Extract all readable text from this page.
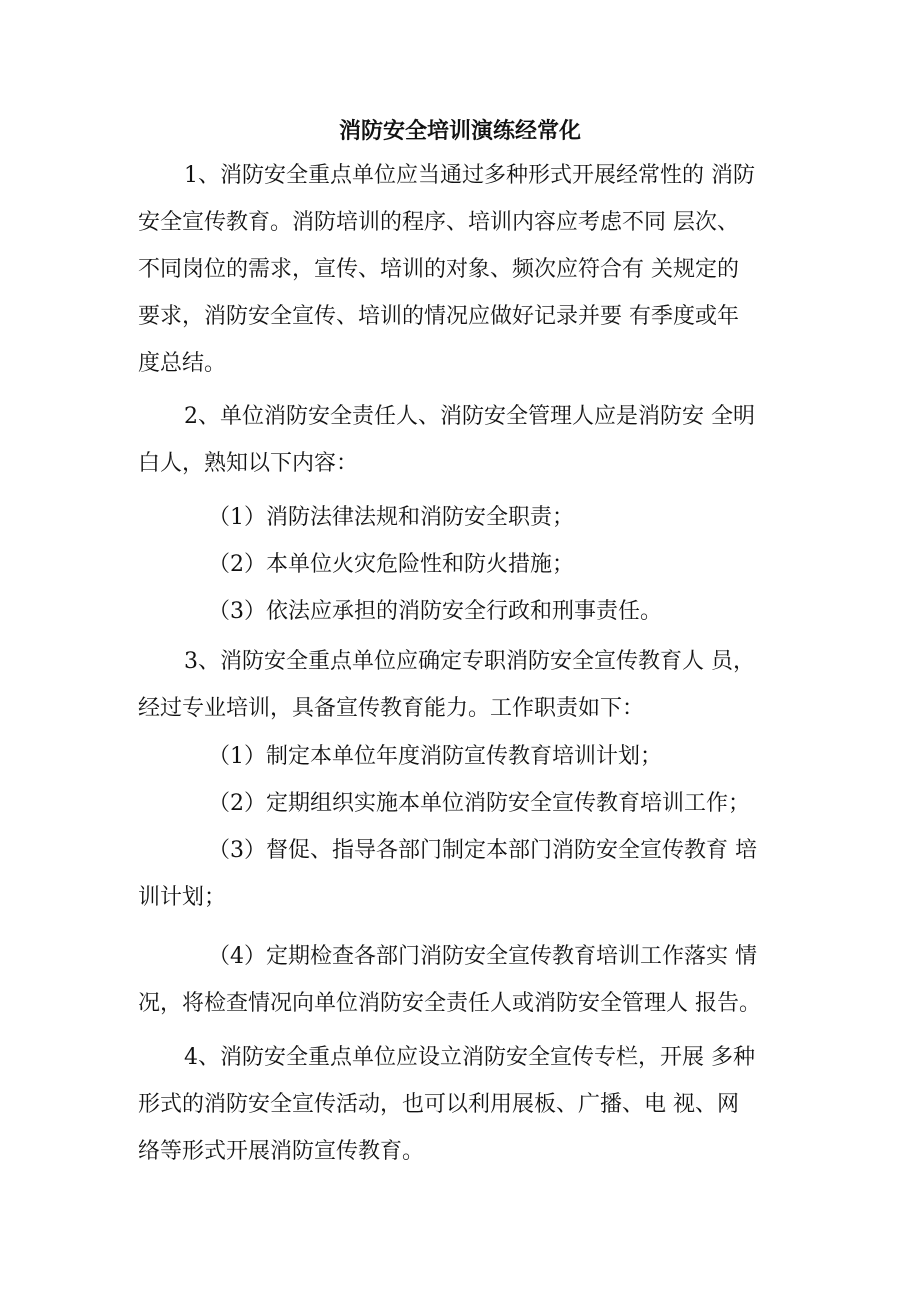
消防安全培训演练经常化
1、消防安全重点单位应当通过多种形式开展经常性的 消防
安全宣传教育。消防培训的程序、培训内容应考虑不同 层次、
不同岗位的需求，宣传、培训的对象、频次应符合有 关规定的
要求，消防安全宣传、培训的情况应做好记录并要 有季度或年
度总结。
2、单位消防安全责任人、消防安全管理人应是消防安 全明
白人，熟知以下内容：
（1）消防法律法规和消防安全职责；
（2）本单位火灾危险性和防火措施；
（3）依法应承担的消防安全行政和刑事责任。
3、消防安全重点单位应确定专职消防安全宣传教育人 员，
经过专业培训，具备宣传教育能力。工作职责如下：
（1）制定本单位年度消防宣传教育培训计划；
（2）定期组织实施本单位消防安全宣传教育培训工作；
（3）督促、指导各部门制定本部门消防安全宣传教育 培
训计划；
（4）定期检查各部门消防安全宣传教育培训工作落实 情
况，将检查情况向单位消防安全责任人或消防安全管理人 报告。
4、消防安全重点单位应设立消防安全宣传专栏，开展 多种
形式的消防安全宣传活动，也可以利用展板、广播、电 视、网
络等形式开展消防宣传教育。
